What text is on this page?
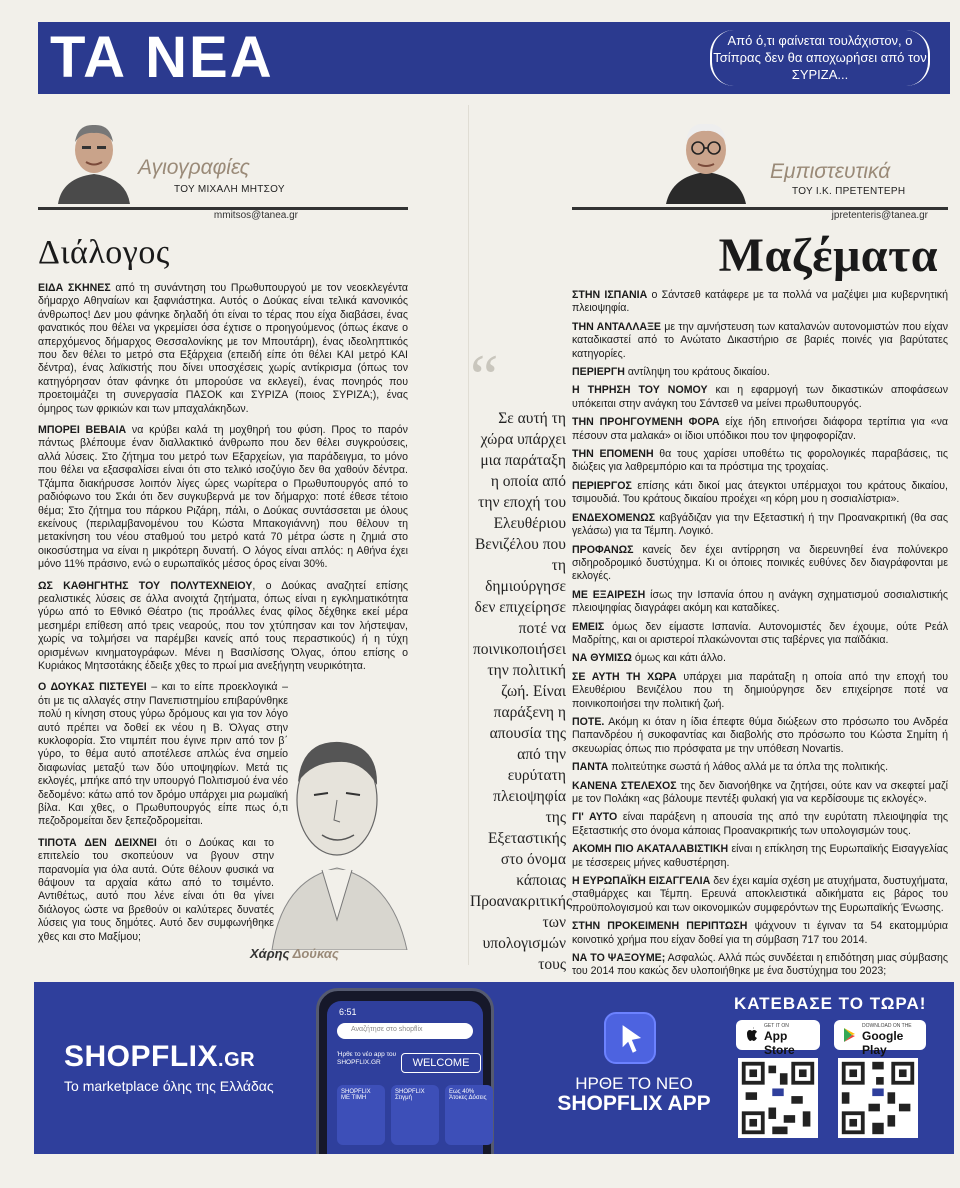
ΤΑ ΝΕΑ	Από ό,τι φαίνεται τουλάχιστον, ο Τσίπρας δεν θα αποχωρήσει από τον ΣΥΡΙΖΑ...
Αγιογραφίες
ΤΟΥ ΜΙΧΑΛΗ ΜΗΤΣΟΥ
mmitsos@tanea.gr
Διάλογος

ΕΙΔΑ ΣΚΗΝΕΣ από τη συνάντηση του Πρωθυπουργού με τον νεοεκλεγέντα δήμαρχο Αθηναίων και ξαφνιάστηκα. Αυτός ο Δούκας είναι τελικά κανονικός άνθρωπος! Δεν μου φάνηκε δηλαδή ότι είναι το τέρας που είχα διαβάσει, ένας φανατικός που θέλει να γκρεμίσει όσα έχτισε ο προηγούμενος (όπως έκανε ο απερχόμενος δήμαρχος Θεσσαλονίκης με τον Μπουτάρη), ένας ιδεοληπτικός που δεν θέλει το μετρό στα Εξάρχεια (επειδή είπε ότι θέλει ΚΑΙ μετρό ΚΑΙ δέντρα), ένας λαϊκιστής που δίνει υποσχέσεις χωρίς αντίκρισμα (όπως τον κατηγόρησαν όταν φάνηκε ότι μπορούσε να εκλεγεί), ένας πονηρός που προετοιμάζει τη συνεργασία ΠΑΣΟΚ και ΣΥΡΙΖΑ (ποιος ΣΥΡΙΖΑ;), ένας όμηρος των φρικιών και των μπαχαλάκηδων.

ΜΠΟΡΕΙ ΒΕΒΑΙΑ να κρύβει καλά τη μοχθηρή του φύση. Προς το παρόν πάντως βλέπουμε έναν διαλλακτικό άνθρωπο που δεν θέλει συγκρούσεις, αλλά λύσεις. Στο ζήτημα του μετρό των Εξαρχείων, για παράδειγμα, το μόνο που θέλει να εξασφαλίσει είναι ότι στο τελικό ισοζύγιο δεν θα χαθούν δέντρα. Τζάμπα διακήρυσσε λοιπόν λίγες ώρες νωρίτερα ο Πρωθυπουργός από το ραδιόφωνο του Σκάι ότι δεν συγκυβερνά με τον δήμαρχο: ποτέ έθεσε τέτοιο θέμα; Στο ζήτημα του πάρκου Ριζάρη, πάλι, ο Δούκας συντάσσεται με όλους εκείνους (περιλαμβανομένου του Κώστα Μπακογιάννη) που θέλουν τη μετακίνηση του νέου σταθμού του μετρό κατά 70 μέτρα ώστε η ζημιά στο οικοσύστημα να είναι η μικρότερη δυνατή. Ο λόγος είναι απλός: η Αθήνα έχει μόνο 11% πράσινο, ενώ ο ευρωπαϊκός μέσος όρος είναι 30%.

ΩΣ ΚΑΘΗΓΗΤΗΣ ΤΟΥ ΠΟΛΥΤΕΧΝΕΙΟΥ, ο Δούκας αναζητεί επίσης ρεαλιστικές λύσεις σε άλλα ανοιχτά ζητήματα, όπως είναι η εγκληματικότητα γύρω από το Εθνικό Θέατρο (τις προάλλες ένας φίλος δέχθηκε εκεί μέρα μεσημέρι επίθεση από τρεις νεαρούς, που τον χτύπησαν και τον λήστεψαν, χωρίς να τολμήσει να παρέμβει κανείς από τους περαστικούς) ή η τύχη ορισμένων κινηματογράφων. Μένει η Βασιλίσσης Όλγας, όπου επίσης ο Κυριάκος Μητσοτάκης έδειξε χθες το πρωί μια ανεξήγητη νευρικότητα.

Ο ΔΟΥΚΑΣ ΠΙΣΤΕΥΕΙ – και το είπε προεκλογικά – ότι με τις αλλαγές στην Πανεπιστημίου επιβαρύνθηκε πολύ η κίνηση στους γύρω δρόμους και για τον λόγο αυτό πρέπει να δοθεί εκ νέου η Β. Όλγας στην κυκλοφορία. Στο ντιμπέιτ που έγινε πριν από τον β΄ γύρο, το θέμα αυτό αποτέλεσε απλώς ένα σημείο διαφωνίας μεταξύ των δύο υποψηφίων. Μετά τις εκλογές, μπήκε από την υπουργό Πολιτισμού ένα νέο δεδομένο: κάτω από τον δρόμο υπάρχει μια ρωμαϊκή βίλα. Και χθες, ο Πρωθυπουργός είπε πως ό,τι πεζοδρομείται δεν ξεπεζοδρομείται.

ΤΙΠΟΤΑ ΔΕΝ ΔΕΙΧΝΕΙ ότι ο Δούκας και το επιτελείο του σκοπεύουν να βγουν στην παρανομία για όλα αυτά. Ούτε θέλουν φυσικά να θάψουν τα αρχαία κάτω από το τσιμέντο. Αντιθέτως, αυτό που λένε είναι ότι θα γίνει διάλογος ώστε να βρεθούν οι καλύτερες δυνατές λύσεις για τους δημότες. Αυτό δεν συμφωνήθηκε χθες και στο Μαξίμου;

Χάρης Δούκας
“
Σε αυτή τη χώρα υπάρχει μια παράταξη η οποία από την εποχή του Ελευθέριου Βενιζέλου που τη δημιούργησε δεν επιχείρησε ποτέ να ποινικοποιήσει την πολιτική ζωή. Είναι παράξενη η απουσία της από την ευρύτατη πλειοψηφία της Εξεταστικής στο όνομα κάποιας Προανακριτικής των υπολογισμών τους
Εμπιστευτικά
ΤΟΥ Ι.Κ. ΠΡΕΤΕΝΤΕΡΗ
jpretenteris@tanea.gr
Μαζέματα

ΣΤΗΝ ΙΣΠΑΝΙΑ ο Σάντσεθ κατάφερε με τα πολλά να μαζέψει μια κυβερνητική πλειοψηφία.

ΤΗΝ ΑΝΤΑΛΛΑΞΕ με την αμνήστευση των καταλανών αυτονομιστών που είχαν καταδικαστεί από το Ανώτατο Δικαστήριο σε βαριές ποινές για βαρύτατες κατηγορίες.

ΠΕΡΙΕΡΓΗ αντίληψη του κράτους δικαίου.

Η ΤΗΡΗΣΗ ΤΟΥ ΝΟΜΟΥ και η εφαρμογή των δικαστικών αποφάσεων υπόκειται στην ανάγκη του Σάντσεθ να μείνει πρωθυπουργός.

ΤΗΝ ΠΡΟΗΓΟΥΜΕΝΗ ΦΟΡΑ είχε ήδη επινοήσει διάφορα τερτίπια για «να πέσουν στα μαλακά» οι ίδιοι υπόδικοι που τον ψηφοφορίζαν.

ΤΗΝ ΕΠΟΜΕΝΗ θα τους χαρίσει υποθέτω τις φορολογικές παραβάσεις, τις διώξεις για λαθρεμπόριο και τα πρόστιμα της τροχαίας.

ΠΕΡΙΕΡΓΟΣ επίσης κάτι δικοί μας άτεγκτοι υπέρμαχοι του κράτους δικαίου, τσιμουδιά. Του κράτους δικαίου προέχει «η κόρη μου η σοσιαλίστρια».

ΕΝΔΕΧΟΜΕΝΩΣ καβγάδιζαν για την Εξεταστική ή την Προανακριτική (θα σας γελάσω) για τα Τέμπη. Λογικό.

ΠΡΟΦΑΝΩΣ κανείς δεν έχει αντίρρηση να διερευνηθεί ένα πολύνεκρο σιδηροδρομικό δυστύχημα. Κι οι όποιες ποινικές ευθύνες δεν διαγράφονται με εκλογές.

ΜΕ ΕΞΑΙΡΕΣΗ ίσως την Ισπανία όπου η ανάγκη σχηματισμού σοσιαλιστικής πλειοψηφίας διαγράφει ακόμη και καταδίκες.

ΕΜΕΙΣ όμως δεν είμαστε Ισπανία. Αυτονομιστές δεν έχουμε, ούτε Ρεάλ Μαδρίτης, και οι αριστεροί πλακώνονται στις ταβέρνες για παϊδάκια.

ΝΑ ΘΥΜΙΣΩ όμως και κάτι άλλο.

ΣΕ ΑΥΤΗ ΤΗ ΧΩΡΑ υπάρχει μια παράταξη η οποία από την εποχή του Ελευθέριου Βενιζέλου που τη δημιούργησε δεν επιχείρησε ποτέ να ποινικοποιήσει την πολιτική ζωή.

ΠΟΤΕ. Ακόμη κι όταν η ίδια έπεφτε θύμα διώξεων στο πρόσωπο του Ανδρέα Παπανδρέου ή συκοφαντίας και διαβολής στο πρόσωπο του Κώστα Σημίτη ή σκευωρίας όπως πιο πρόσφατα με την υπόθεση Novartis.

ΠΑΝΤΑ πολιτεύτηκε σωστά ή λάθος αλλά με τα όπλα της πολιτικής.

ΚΑΝΕΝΑ ΣΤΕΛΕΧΟΣ της δεν διανοήθηκε να ζητήσει, ούτε καν να σκεφτεί μαζί με τον Πολάκη «ας βάλουμε πεντέξι φυλακή για να κερδίσουμε τις εκλογές».

ΓΙ' ΑΥΤΟ είναι παράξενη η απουσία της από την ευρύτατη πλειοψηφία της Εξεταστικής στο όνομα κάποιας Προανακριτικής των υπολογισμών τους.

ΑΚΟΜΗ ΠΙΟ ΑΚΑΤΑΛΑΒΙΣΤΙΚΗ είναι η επίκληση της Ευρωπαϊκής Εισαγγελίας με τέσσερεις μήνες καθυστέρηση.

Η ΕΥΡΩΠΑΪΚΗ ΕΙΣΑΓΓΕΛΙΑ δεν έχει καμία σχέση με ατυχήματα, δυστυχήματα, σταθμάρχες και Τέμπη. Ερευνά αποκλειστικά αδικήματα εις βάρος του προϋπολογισμού και των οικονομικών συμφερόντων της Ευρωπαϊκής Ένωσης.

ΣΤΗΝ ΠΡΟΚΕΙΜΕΝΗ ΠΕΡΙΠΤΩΣΗ ψάχνουν τι έγιναν τα 54 εκατομμύρια κοινοτικό χρήμα που είχαν δοθεί για τη σύμβαση 717 του 2014.

ΝΑ ΤΟ ΨΑΞΟΥΜΕ; Ασφαλώς. Αλλά πώς συνδέεται η επιδότηση μιας σύμβασης του 2014 που κακώς δεν υλοποιήθηκε με ένα δυστύχημα του 2023;

SHOPFLIX.GR
Το marketplace όλης της Ελλάδας
6:51
Αναζήτησε στο shopflix
Ήρθε το νέο app του SHOPFLIX.GR	WELCOME
SHOPFLIX ΜΕ ΤΙΜΗ
SHOPFLIX Στιγμή
Εως 40% Άτοκες Δόσεις
ΗΡΘΕ ΤΟ ΝΕΟ
SHOPFLIX APP
ΚΑΤΕΒΑΣΕ ΤΟ ΤΩΡΑ!
GET IT ON
App Store
DOWNLOAD ON THE
Google Play
